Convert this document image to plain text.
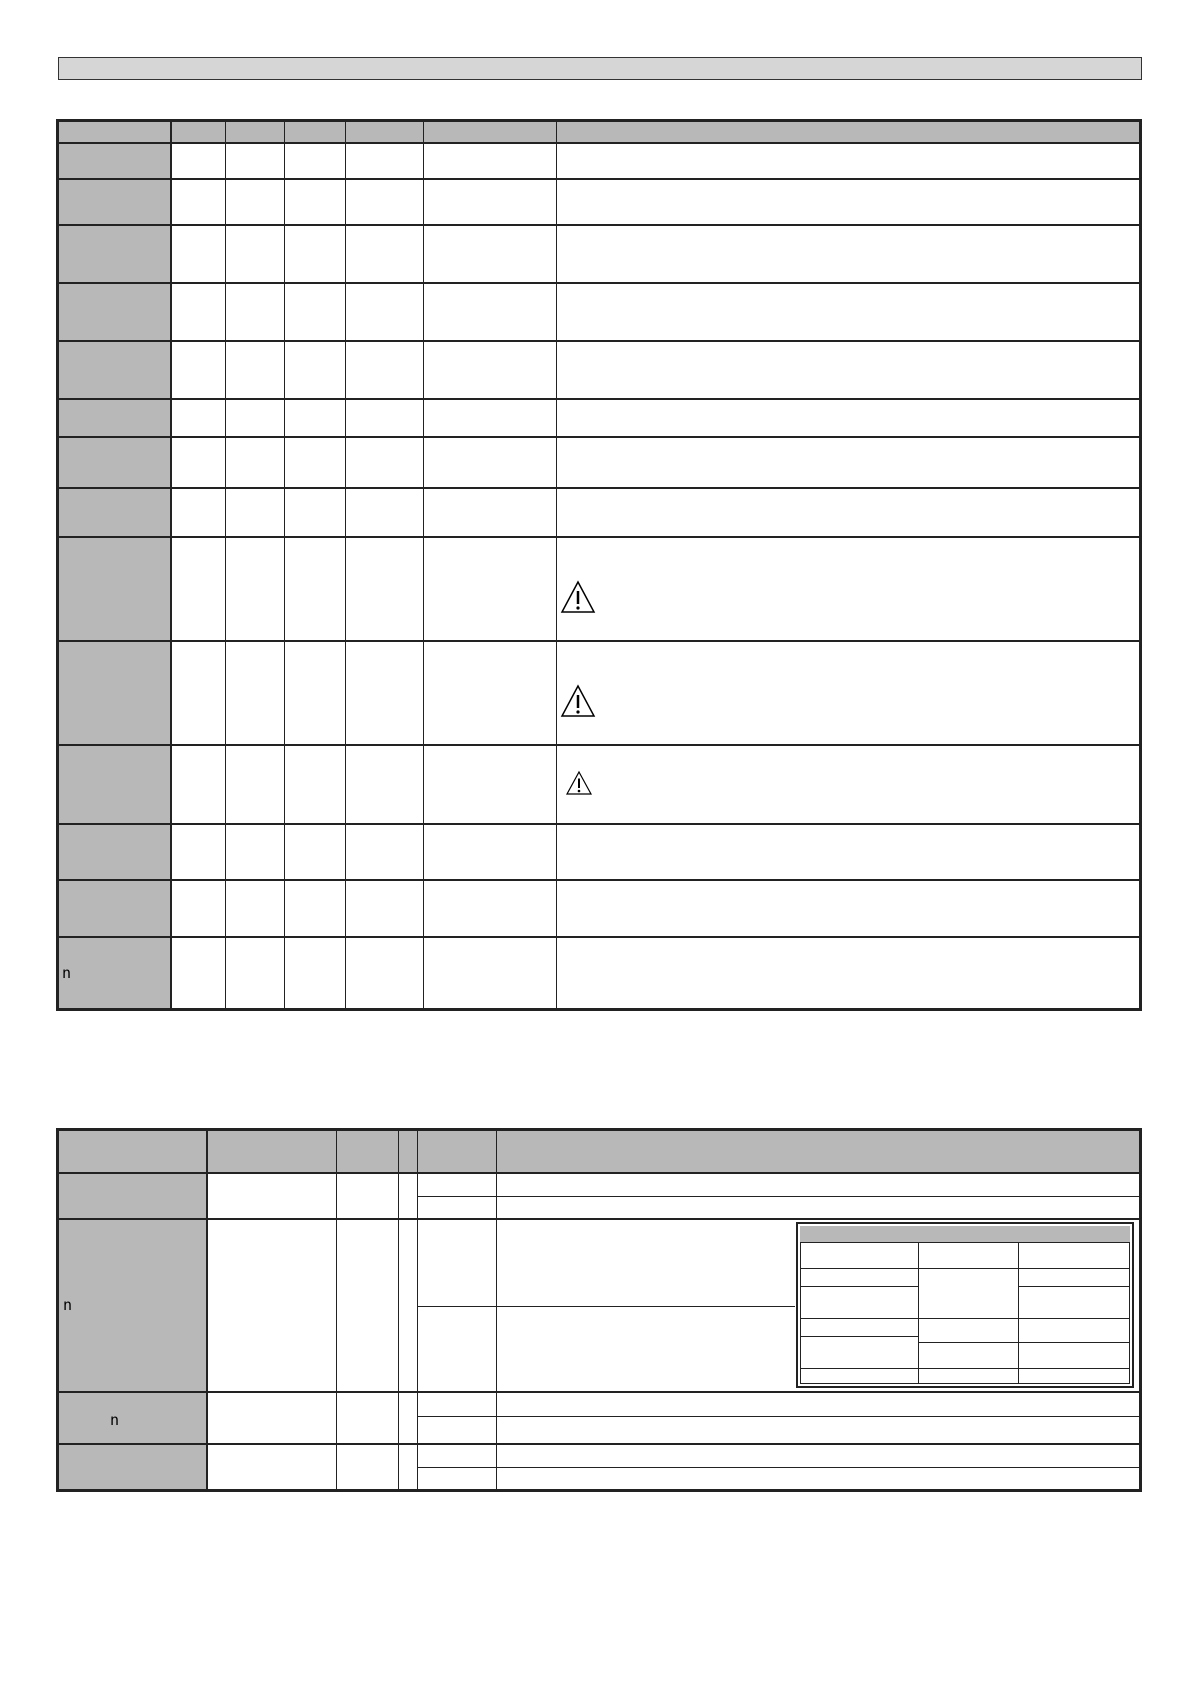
n
n
n
